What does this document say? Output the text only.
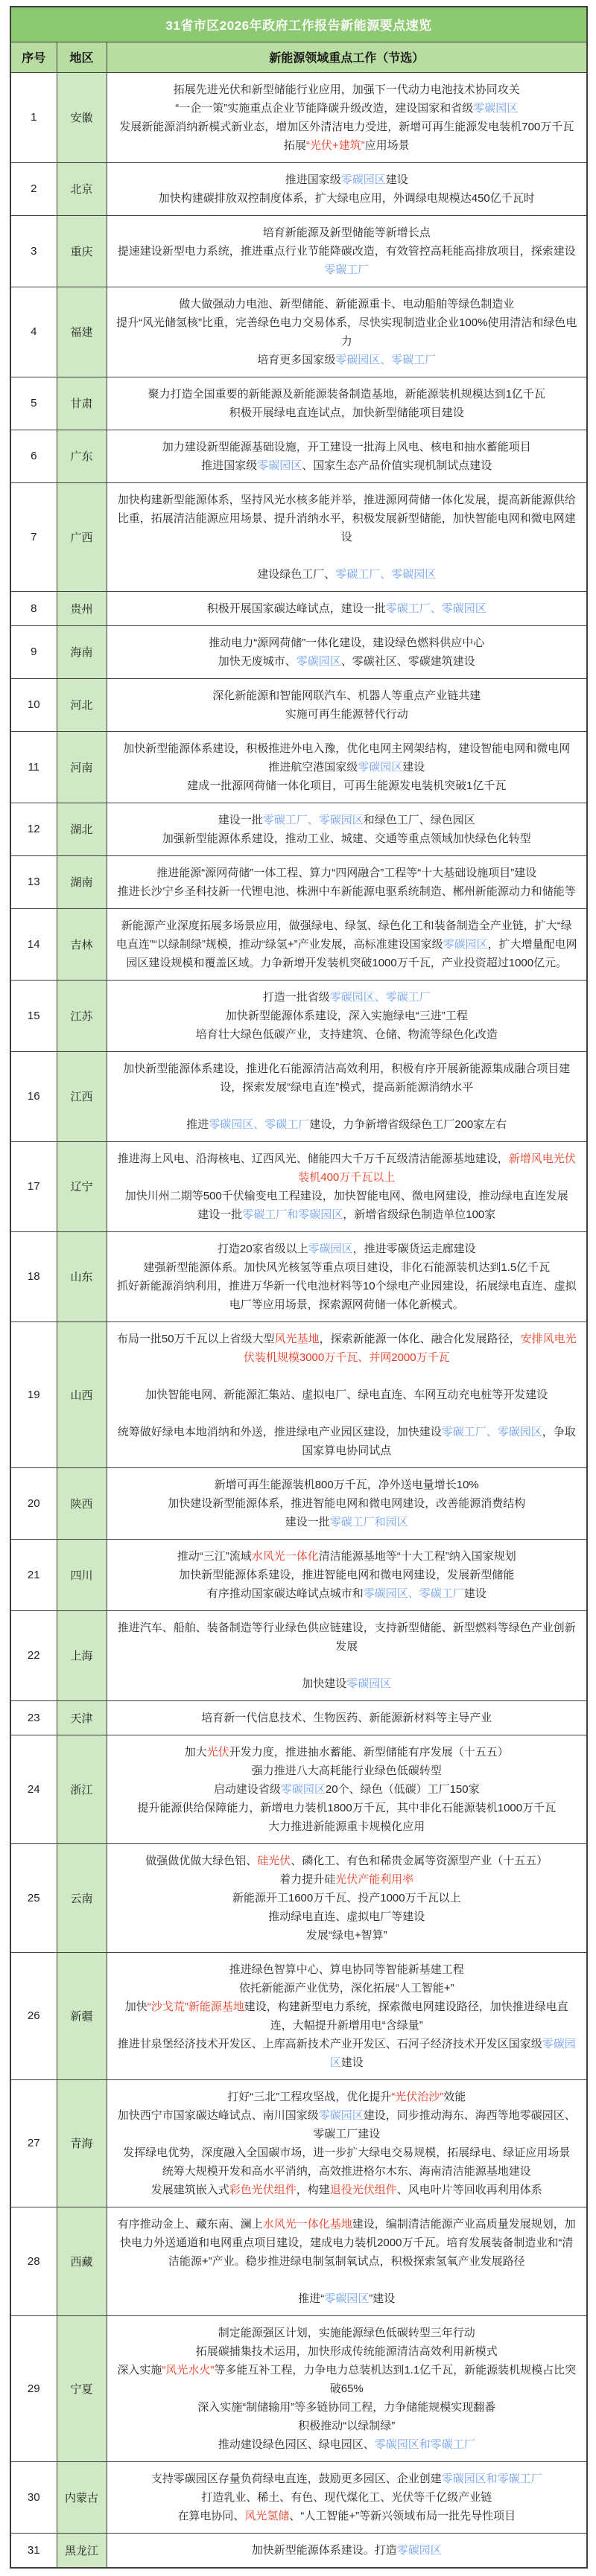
31省市区2026年政府工作报告新能源要点速览		
序号	地区	新能源领域重点工作（节选）
1	安徽	拓展先进光伏和新型储能行业应用，加强下一代动力电池技术协同攻关
“一企一策”实施重点企业节能降碳升级改造，建设国家和省级零碳园区
发展新能源消纳新模式新业态，增加区外清洁电力受进，新增可再生能源发电装机700万千瓦
拓展“光伏+建筑”应用场景

2	北京	推进国家级零碳园区建设
加快构建碳排放双控制度体系，扩大绿电应用，外调绿电规模达450亿千瓦时

3	重庆	培育新能源及新型储能等新增长点
提速建设新型电力系统，推进重点行业节能降碳改造，有效管控高耗能高排放项目，探索建设零碳工厂

4	福建	做大做强动力电池、新型储能、新能源重卡、电动船舶等绿色制造业
提升“风光储氢核”比重，完善绿色电力交易体系，尽快实现制造业企业100%使用清洁和绿色电力
培育更多国家级零碳园区、零碳工厂

5	甘肃	聚力打造全国重要的新能源及新能源装备制造基地，新能源装机规模达到1亿千瓦
积极开展绿电直连试点，加快新型储能项目建设

6	广东	加力建设新型能源基础设施，开工建设一批海上风电、核电和抽水蓄能项目
推进国家级零碳园区、国家生态产品价值实现机制试点建设

7	广西	加快构建新型能源体系，坚持风光水核多能并举，推进源网荷储一体化发展，提高新能源供给比重，拓展清洁能源应用场景、提升消纳水平，积极发展新型储能，加快智能电网和微电网建设
建设绿色工厂、零碳工厂、零碳园区

8	贵州	积极开展国家碳达峰试点，建设一批零碳工厂、零碳园区

9	海南	推动电力“源网荷储”一体化建设，建设绿色燃料供应中心
加快无废城市、零碳园区、零碳社区、零碳建筑建设

10	河北	深化新能源和智能网联汽车、机器人等重点产业链共建
实施可再生能源替代行动

11	河南	加快新型能源体系建设，积极推进外电入豫，优化电网主网架结构，建设智能电网和微电网
推进航空港国家级零碳园区建设
建成一批源网荷储一体化项目，可再生能源发电装机突破1亿千瓦

12	湖北	建设一批零碳工厂、零碳园区和绿色工厂、绿色园区
加强新型能源体系建设，推动工业、城建、交通等重点领域加快绿色化转型

13	湖南	推进能源“源网荷储”一体工程、算力“四网融合”工程等“十大基础设施项目”建设
推进长沙宁乡圣科技新一代锂电池、株洲中车新能源电驱系统制造、郴州新能源动力和储能等

14	吉林	新能源产业深度拓展多场景应用，做强绿电、绿氢、绿色化工和装备制造全产业链，扩大“绿电直连”“以绿制绿”规模，推动“绿氢+”产业发展，高标准建设国家级零碳园区，扩大增量配电网园区建设规模和覆盖区域。力争新增开发装机突破1000万千瓦，产业投资超过1000亿元。

15	江苏	打造一批省级零碳园区、零碳工厂
加快新型能源体系建设，深入实施绿电“三进”工程
培育壮大绿色低碳产业，支持建筑、仓储、物流等绿色化改造

16	江西	加快新型能源体系建设，推进化石能源清洁高效利用，积极有序开展新能源集成融合项目建设，探索发展“绿电直连”模式，提高新能源消纳水平
推进零碳园区、零碳工厂建设，力争新增省级绿色工厂200家左右

17	辽宁	推进海上风电、沿海核电、辽西风光、储能四大千万千瓦级清洁能源基地建设，新增风电光伏装机400万千瓦以上
加快川州二期等500千伏输变电工程建设，加快智能电网、微电网建设，推动绿电直连发展
建设一批零碳工厂和零碳园区，新增省级绿色制造单位100家

18	山东	打造20家省级以上零碳园区，推进零碳货运走廊建设
建强新型能源体系。加快风光核氢等重点项目建设，非化石能源装机达到1.5亿千瓦
抓好新能源消纳利用，推进万华新一代电池材料等10个绿电产业园建设，拓展绿电直连、虚拟电厂等应用场景，探索源网荷储一体化新模式。

19	山西	布局一批50万千瓦以上省级大型风光基地，探索新能源一体化、融合化发展路径，安排风电光伏装机规模3000万千瓦、并网2000万千瓦
加快智能电网、新能源汇集站、虚拟电厂、绿电直连、车网互动充电桩等开发建设
统筹做好绿电本地消纳和外送，推进绿电产业园区建设，加快建设零碳工厂、零碳园区，争取国家算电协同试点

20	陕西	新增可再生能源装机800万千瓦，净外送电量增长10%
加快建设新型能源体系，推进智能电网和微电网建设，改善能源消费结构
建设一批零碳工厂和园区

21	四川	推动“三江”流域水风光一体化清洁能源基地等“十大工程”纳入国家规划
加快新型能源体系建设，推进智能电网和微电网建设，发展新型储能
有序推动国家碳达峰试点城市和零碳园区、零碳工厂建设

22	上海	推进汽车、船舶、装备制造等行业绿色供应链建设，支持新型储能、新型燃料等绿色产业创新发展
加快建设零碳园区

23	天津	培育新一代信息技术、生物医药、新能源新材料等主导产业

24	浙江	加大光伏开发力度，推进抽水蓄能、新型储能有序发展（十五五）
强力推进八大高耗能行业绿色低碳转型
启动建设省级零碳园区20个、绿色（低碳）工厂150家
提升能源供给保障能力，新增电力装机1800万千瓦，其中非化石能源装机1000万千瓦
大力推进新能源重卡规模化应用

25	云南	做强做优做大绿色铝、硅光伏、磷化工、有色和稀贵金属等资源型产业（十五五）
着力提升硅光伏产能利用率
新能源开工1600万千瓦、投产1000万千瓦以上
推动绿电直连、虚拟电厂等建设
发展“绿电+智算”

26	新疆	推进绿色智算中心、算电协同等智能新基建工程
依托新能源产业优势，深化拓展“人工智能+”
加快“沙戈荒”新能源基地建设，构建新型电力系统，探索微电网建设路径，加快推进绿电直连，大幅提升新增用电“含绿量”
推进甘泉堡经济技术开发区、上库高新技术产业开发区、石河子经济技术开发区国家级零碳园区建设

27	青海	打好“三北”工程攻坚战，优化提升“光伏治沙”效能
加快西宁市国家碳达峰试点、南川国家级零碳园区建设，同步推动海东、海西等地零碳园区、零碳工厂建设
发挥绿电优势，深度融入全国碳市场，进一步扩大绿电交易规模，拓展绿电、绿证应用场景
统筹大规模开发和高水平消纳，高效推进格尔木东、海南清洁能源基地建设
发展建筑嵌入式彩色光伏组件，构建退役光伏组件、风电叶片等回收再利用体系

28	西藏	有序推动金上、藏东南、澜上水风光一体化基地建设，编制清洁能源产业高质量发展规划，加快电力外送通道和电网重点项目建设，建成电力装机2000万千瓦。培育发展装备制造业和“清洁能源+”产业。稳步推进绿电制氢制氧试点，积极探索氢氧产业发展路径
推进“零碳园区”建设

29	宁夏	
制定能源强区计划，实施能源绿色低碳转型三年行动
拓展碳捕集技术运用，加快形成传统能源清洁高效利用新模式
深入实施“风光水火”等多能互补工程，力争电力总装机达到1.1亿千瓦，新能源装机规模占比突破65%
深入实施“制储输用”等多链协同工程，力争储能规模实现翻番
积极推动“以绿制绿”
推动建设绿色园区、绿电园区、零碳园区和零碳工厂

30	内蒙古	支持零碳园区存量负荷绿电直连，鼓励更多园区、企业创建零碳园区和零碳工厂
打造乳业、稀土、有色、现代煤化工、光伏等千亿级产业链
在算电协同、风光氢储、“人工智能+”等新兴领域布局一批先导性项目

31	黑龙江	加快新型能源体系建设。打造零碳园区
